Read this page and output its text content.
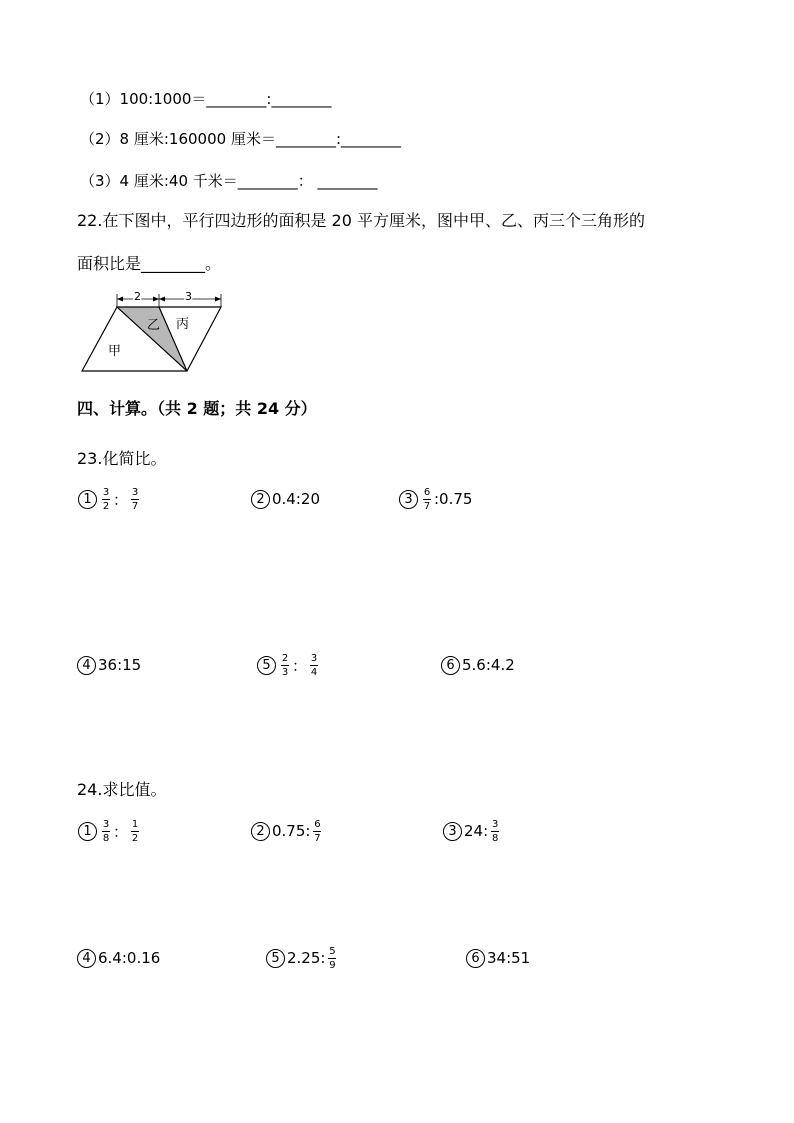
（1）100:1000＝________:________
（2）8 厘米:160000 厘米＝________:________
（3）4 厘米:40 千米＝________： ________
22.在下图中，平行四边形的面积是 20 平方厘米，图中甲、乙、丙三个三角形的
面积比是________。
2	3
甲
乙 丙
四、计算。（共 2 题；共 24 分）
23.化简比。
1	$\frac{3}{2}$ ： $\frac{3}{7}$	2 0.4:20	3	$\frac{6}{7}$ :0.75
4 36:15	5	$\frac{2}{3}$ ： $\frac{3}{4}$	6 5.6:4.2
24.求比值。
1	$\frac{3}{8}$ ： $\frac{1}{2}$	2 0.75: $\frac{6}{7}$	3 24: $\frac{3}{8}$
4 6.4:0.16	5 2.25: $\frac{5}{9}$	6 34:51
